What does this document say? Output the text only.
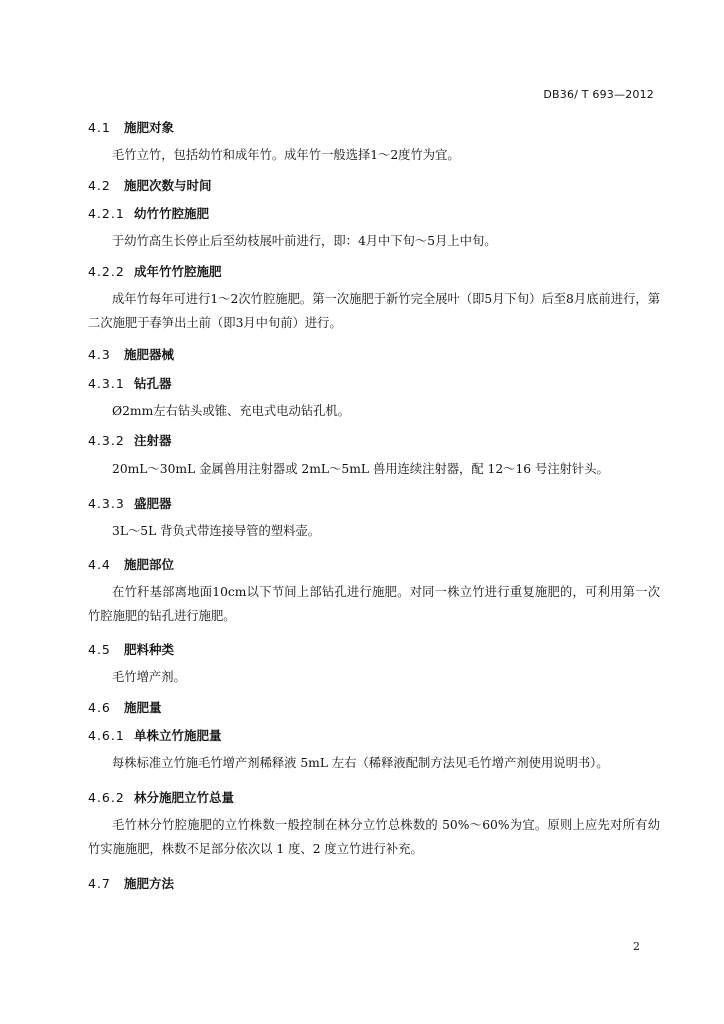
DB36/ T 693—2012
4.1 施肥对象
毛竹立竹，包括幼竹和成年竹。成年竹一般选择1～2度竹为宜。
4.2 施肥次数与时间
4.2.1 幼竹竹腔施肥
于幼竹高生长停止后至幼枝展叶前进行，即：4月中下旬～5月上中旬。
4.2.2 成年竹竹腔施肥
成年竹每年可进行1～2次竹腔施肥。第一次施肥于新竹完全展叶（即5月下旬）后至8月底前进行，第二次施肥于春笋出土前（即3月中旬前）进行。
4.3 施肥器械
4.3.1 钻孔器
Ø2mm左右钻头或锥、充电式电动钻孔机。
4.3.2 注射器
20mL～30mL 金属兽用注射器或 2mL～5mL 兽用连续注射器，配 12～16 号注射针头。
4.3.3 盛肥器
3L～5L 背负式带连接导管的塑料壶。
4.4 施肥部位
在竹秆基部离地面10cm以下节间上部钻孔进行施肥。对同一株立竹进行重复施肥的，可利用第一次竹腔施肥的钻孔进行施肥。
4.5 肥料种类
毛竹增产剂。
4.6 施肥量
4.6.1 单株立竹施肥量
每株标准立竹施毛竹增产剂稀释液 5mL 左右（稀释液配制方法见毛竹增产剂使用说明书）。
4.6.2 林分施肥立竹总量
毛竹林分竹腔施肥的立竹株数一般控制在林分立竹总株数的 50%～60%为宜。原则上应先对所有幼竹实施施肥，株数不足部分依次以 1 度、2 度立竹进行补充。
4.7 施肥方法
2
